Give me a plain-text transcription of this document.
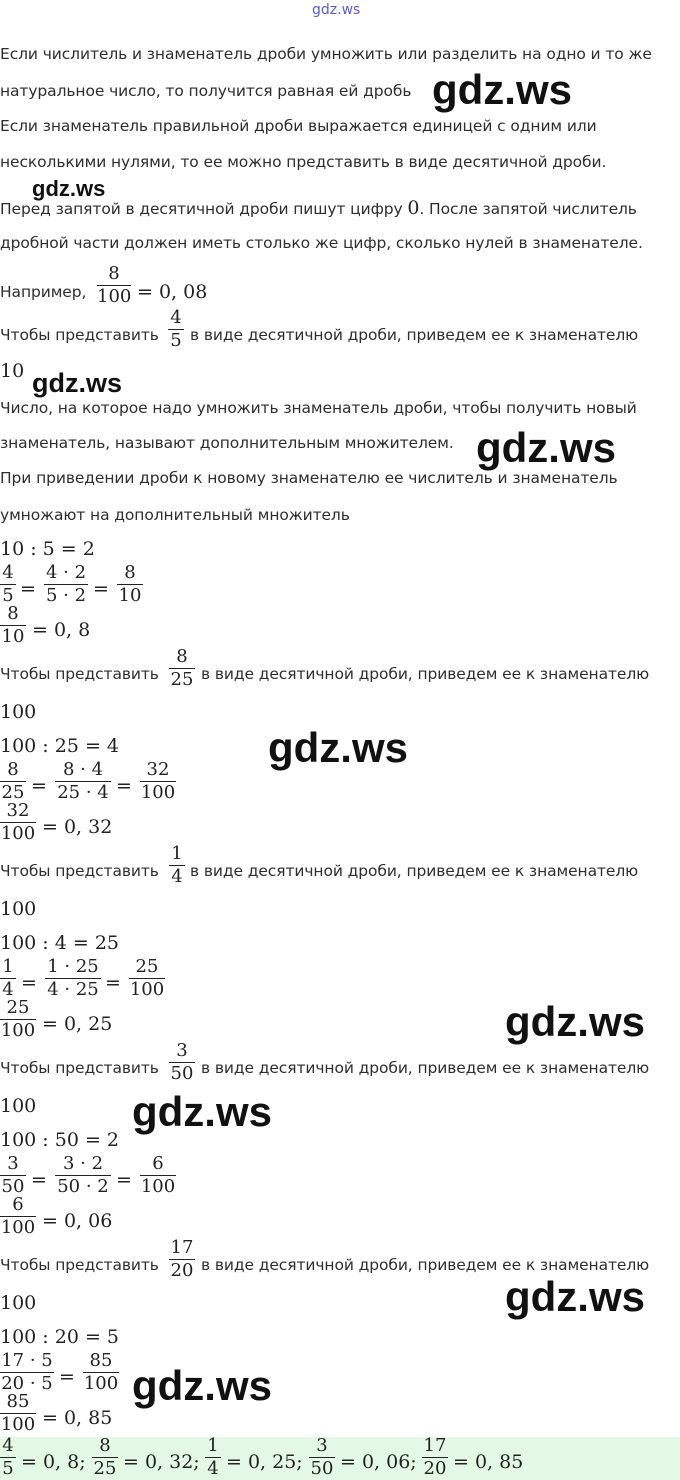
gdz.ws
Если числитель и знаменатель дроби умножить или разделить на одно и то же
натуральное число, то получится равная ей дробь
Если знаменатель правильной дроби выражается единицей с одним или
несколькими нулями, то ее можно представить в виде десятичной дроби.
Перед запятой в десятичной дроби пишут цифру 0. После запятой числитель
дробной части должен иметь столько же цифр, сколько нулей в знаменателе.
Например,
8
100 = 0, 08
Чтобы представить
4
5 в виде десятичной дроби, приведем ее к знаменателю
10
Число, на которое надо умножить знаменатель дроби, чтобы получить новый
знаменатель, называют дополнительным множителем.
При приведении дроби к новому знаменателю ее числитель и знаменатель
умножают на дополнительный множитель
10 : 5 = 2
4
5 =
4 · 2
5 · 2 =
8
10
8
10 = 0, 8
Чтобы представить
8
25 в виде десятичной дроби, приведем ее к знаменателю
100
100 : 25 = 4
8
25 =
8 · 4
25 · 4 =
32
100
32
100 = 0, 32
Чтобы представить
1
4 в виде десятичной дроби, приведем ее к знаменателю
100
100 : 4 = 25
1
4 =
1 · 25
4 · 25 =
25
100
25
100 = 0, 25
Чтобы представить
3
50 в виде десятичной дроби, приведем ее к знаменателю
100
100 : 50 = 2
3
50 =
3 · 2
50 · 2 =
6
100
6
100 = 0, 06
Чтобы представить
17
20 в виде десятичной дроби, приведем ее к знаменателю
100
100 : 20 = 5
17 · 5
20 · 5 =
85
100
85
100 = 0, 85
4
5 = 0, 8;
8
25 = 0, 32;
1
4 = 0, 25;
3
50 = 0, 06;
17
20 = 0, 85
gdz.ws
gdz.ws
gdz.ws
gdz.ws
gdz.ws
gdz.ws
gdz.ws
gdz.ws
gdz.ws
